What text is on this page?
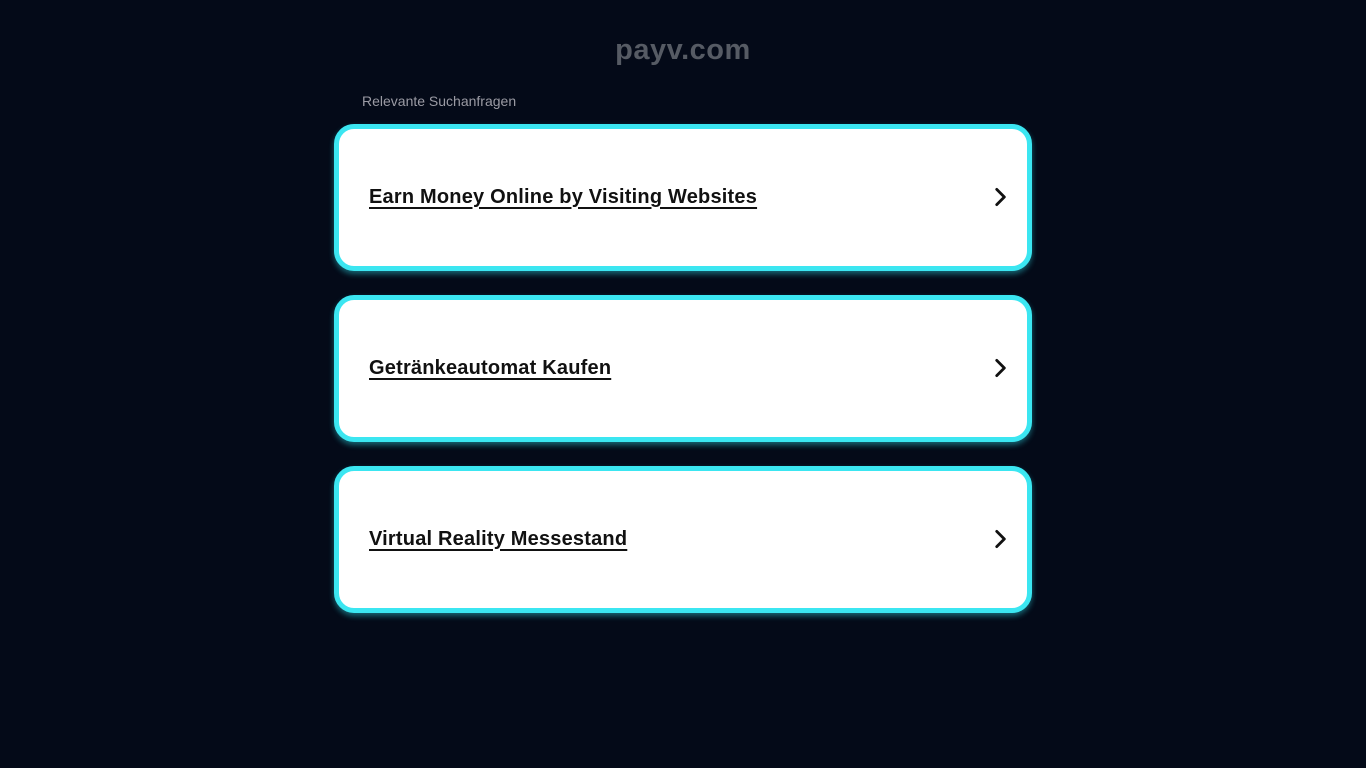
payv.com
Relevante Suchanfragen
Earn Money Online by Visiting Websites
Getränkeautomat Kaufen
Virtual Reality Messestand
